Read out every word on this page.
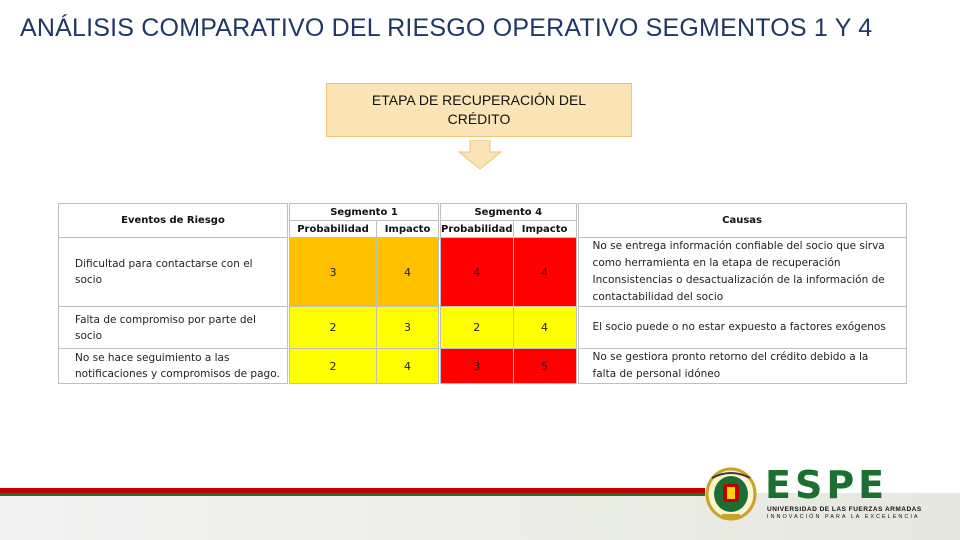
ANÁLISIS COMPARATIVO DEL RIESGO OPERATIVO SEGMENTOS 1 Y 4
ETAPA DE RECUPERACIÓN DEL
CRÉDITO
Eventos de Riesgo		Segmento 1			Segmento 4			Causas
		Probabilidad	Impacto		Probabilidad	Impacto		
Dificultad para contactarse con el
socio		3	4		4	4		No se entrega información confiable del socio que sirva
como herramienta en la etapa de recuperación
Inconsistencias o desactualización de la información de
contactabilidad del socio
Falta de compromiso por parte del
socio		2	3		2	4		El socio puede o no estar expuesto a factores exógenos
No se hace seguimiento a las
notificaciones y compromisos de pago.		2	4		3	5		No se gestiora pronto retorno del crédito debido a la
falta de personal idóneo
ESPE
UNIVERSIDAD DE LAS FUERZAS ARMADAS
INNOVACIÓN PARA LA EXCELENCIA
